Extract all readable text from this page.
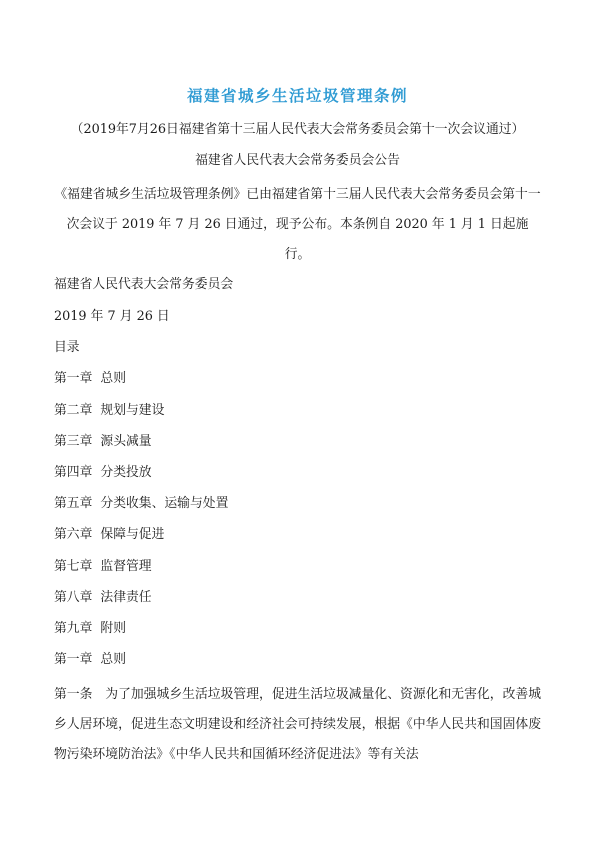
福建省城乡生活垃圾管理条例
（2019年7月26日福建省第十三届人民代表大会常务委员会第十一次会议通过）
福建省人民代表大会常务委员会公告

《福建省城乡生活垃圾管理条例》已由福建省第十三届人民代表大会常务委员会第十一次会议于 2019 年 7 月 26 日通过，现予公布。本条例自 2020 年 1 月 1 日起施行。

福建省人民代表大会常务委员会

2019 年 7 月 26 日

目录

第一章 总则

第二章 规划与建设

第三章 源头减量

第四章 分类投放

第五章 分类收集、运输与处置

第六章 保障与促进

第七章 监督管理

第八章 法律责任

第九章 附则

第一章 总则

第一条　为了加强城乡生活垃圾管理，促进生活垃圾减量化、资源化和无害化，改善城乡人居环境，促进生态文明建设和经济社会可持续发展，根据《中华人民共和国固体废物污染环境防治法》《中华人民共和国循环经济促进法》等有关法
